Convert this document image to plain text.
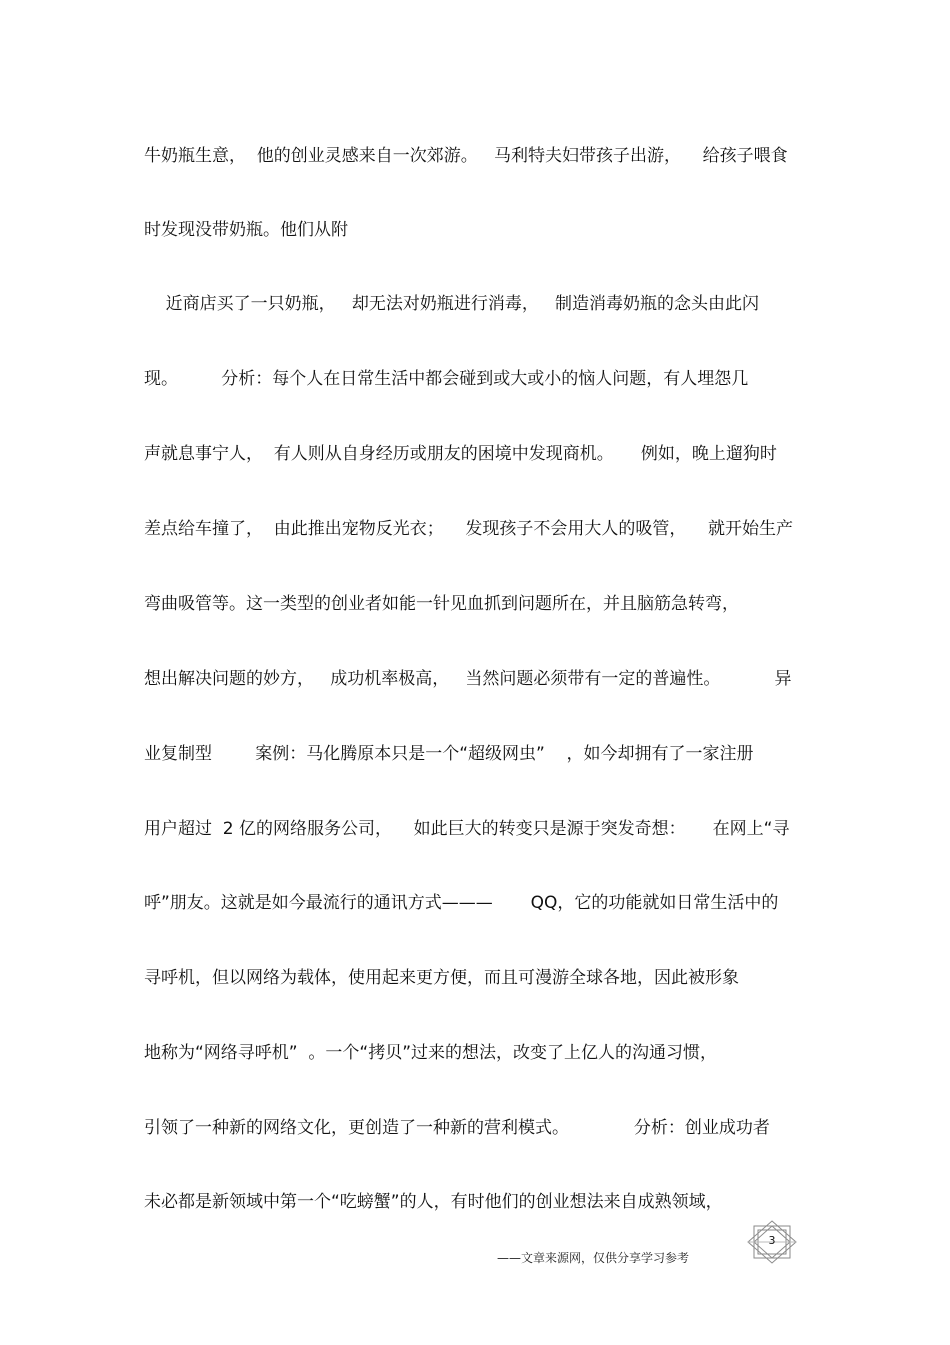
牛奶瓶生意，  他的创业灵感来自一次郊游。   马利特夫妇带孩子出游，    给孩子喂食
时发现没带奶瓶。他们从附
近商店买了一只奶瓶，   却无法对奶瓶进行消毒，   制造消毒奶瓶的念头由此闪
现。        分析：每个人在日常生活中都会碰到或大或小的恼人问题，有人埋怨几
声就息事宁人，  有人则从自身经历或朋友的困境中发现商机。     例如，晚上遛狗时
差点给车撞了，  由此推出宠物反光衣；    发现孩子不会用大人的吸管，    就开始生产
弯曲吸管等。这一类型的创业者如能一针见血抓到问题所在，并且脑筋急转弯，
想出解决问题的妙方，   成功机率极高，   当然问题必须带有一定的普遍性。          异
业复制型        案例：马化腾原本只是一个“超级网虫”    ，如今却拥有了一家注册
用户超过  2 亿的网络服务公司，    如此巨大的转变只是源于突发奇想：     在网上“寻
呼”朋友。这就是如今最流行的通讯方式———       QQ，它的功能就如日常生活中的
寻呼机，但以网络为载体，使用起来更方便，而且可漫游全球各地，因此被形象
地称为“网络寻呼机”  。一个“拷贝”过来的想法，改变了上亿人的沟通习惯，
引领了一种新的网络文化，更创造了一种新的营利模式。            分析：创业成功者
未必都是新领域中第一个“吃螃蟹”的人，有时他们的创业想法来自成熟领域，
——文章来源网，仅供分享学习参考
3
